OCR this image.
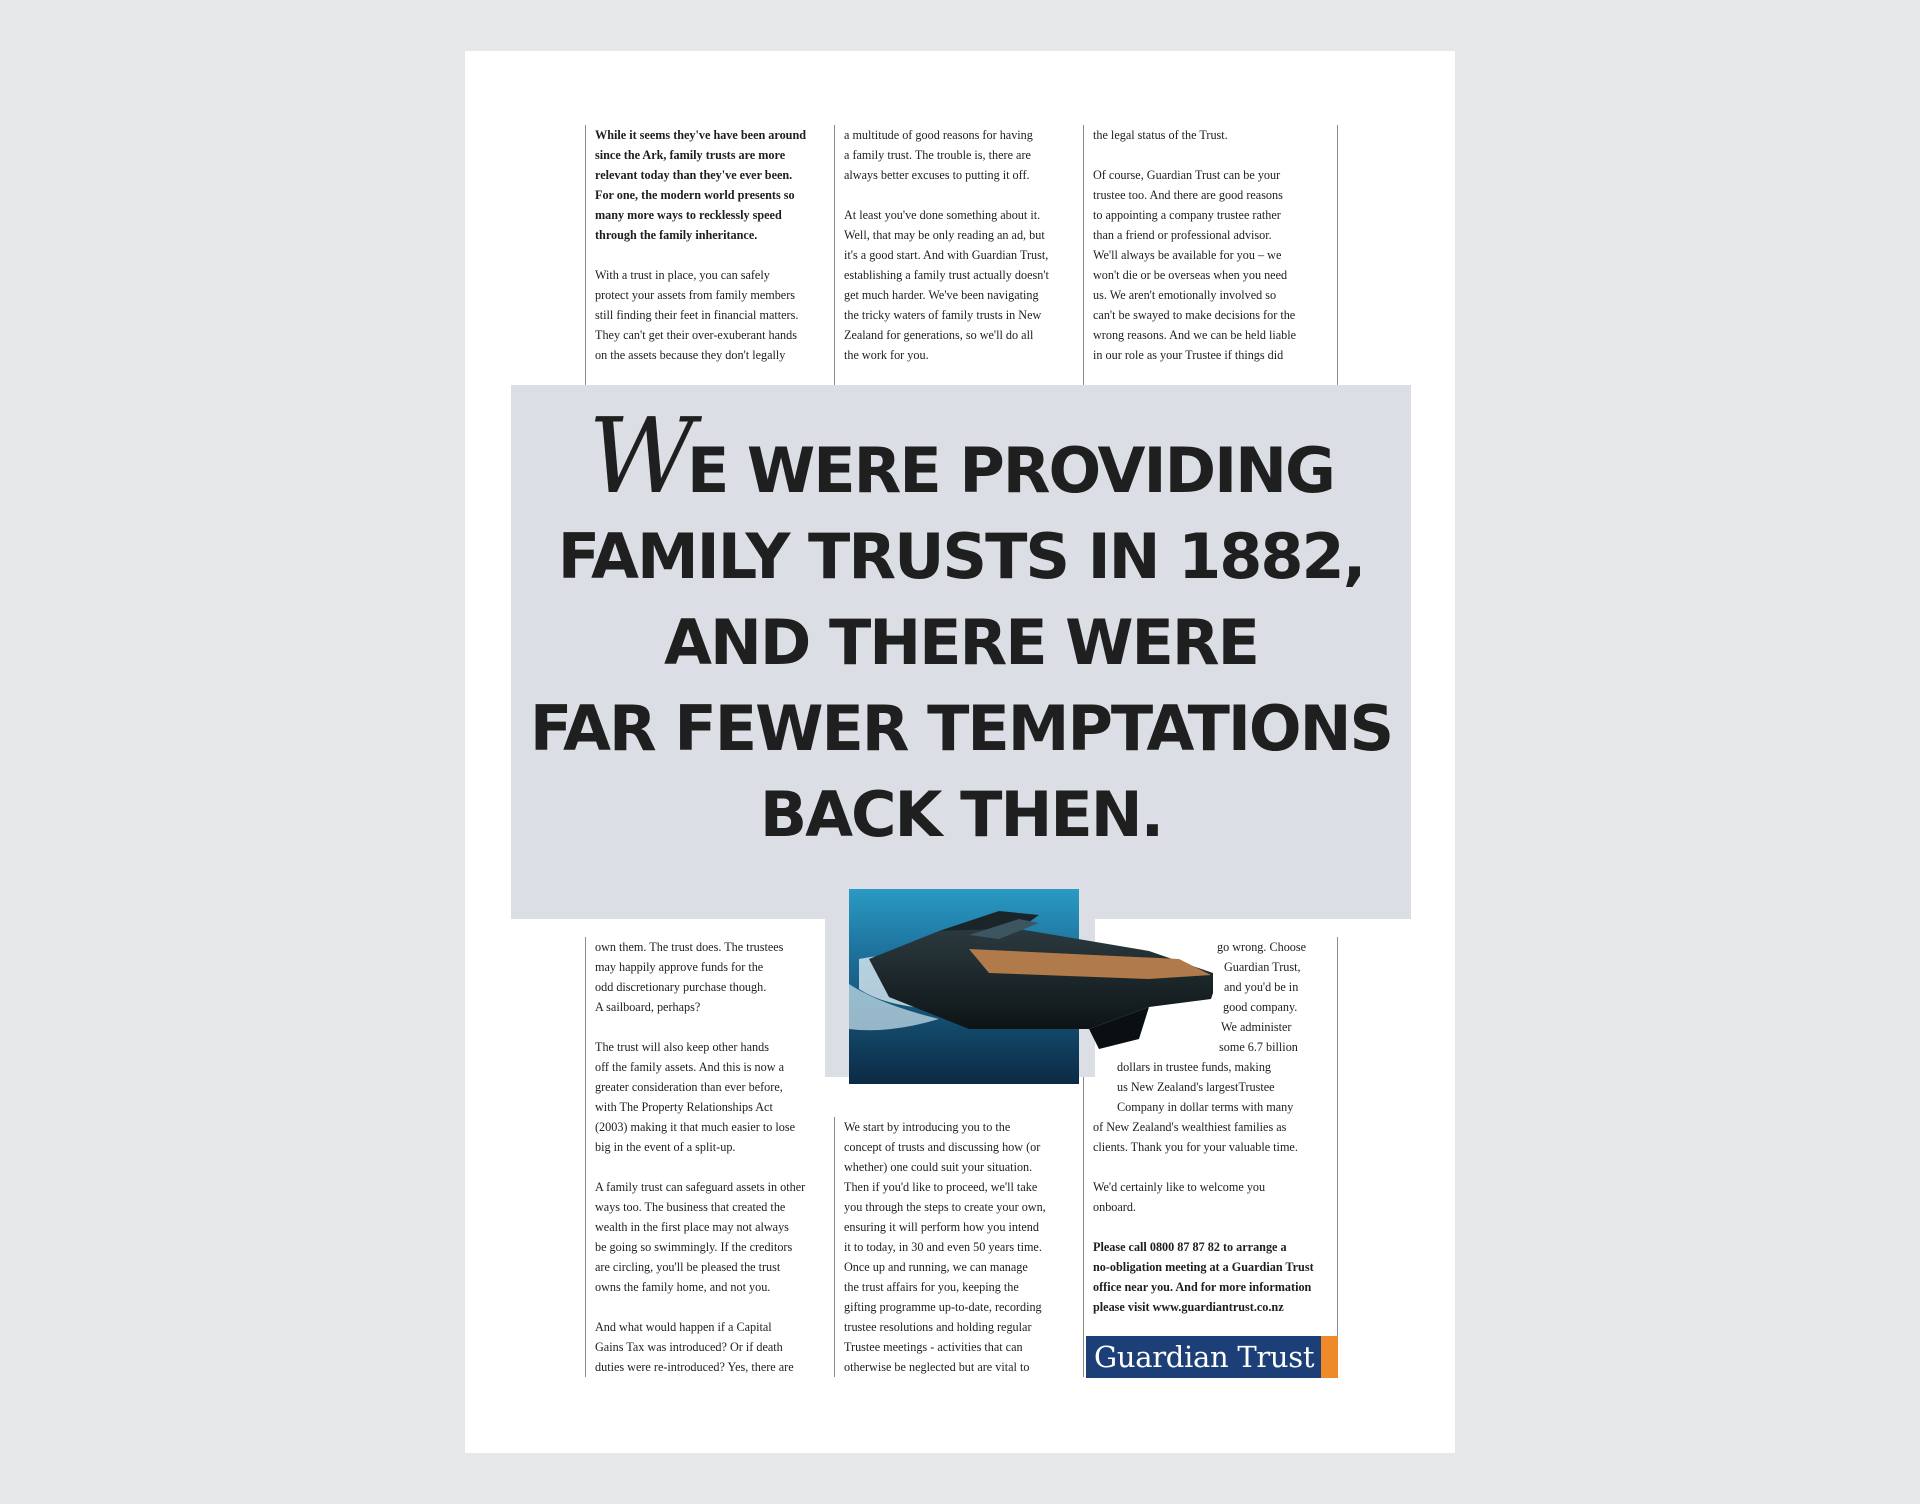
While it seems they've have been around
since the Ark, family trusts are more
relevant today than they've ever been.
For one, the modern world presents so
many more ways to recklessly speed
through the family inheritance.
With a trust in place, you can safely
protect your assets from family members
still finding their feet in financial matters.
They can't get their over-exuberant hands
on the assets because they don't legally
a multitude of good reasons for having
a family trust. The trouble is, there are
always better excuses to putting it off.
At least you've done something about it.
Well, that may be only reading an ad, but
it's a good start. And with Guardian Trust,
establishing a family trust actually doesn't
get much harder. We've been navigating
the tricky waters of family trusts in New
Zealand for generations, so we'll do all
the work for you.
the legal status of the Trust.
Of course, Guardian Trust can be your
trustee too. And there are good reasons
to appointing a company trustee rather
than a friend or professional advisor.
We'll always be available for you – we
won't die or be overseas when you need
us. We aren't emotionally involved so
can't be swayed to make decisions for the
wrong reasons. And we can be held liable
in our role as your Trustee if things did
WE WERE PROVIDING
FAMILY TRUSTS IN 1882,
AND THERE WERE
FAR FEWER TEMPTATIONS
BACK THEN.
own them. The trust does. The trustees
may happily approve funds for the
odd discretionary purchase though.
A sailboard, perhaps?
The trust will also keep other hands
off the family assets. And this is now a
greater consideration than ever before,
with The Property Relationships Act
(2003) making it that much easier to lose
big in the event of a split-up.
A family trust can safeguard assets in other
ways too. The business that created the
wealth in the first place may not always
be going so swimmingly. If the creditors
are circling, you'll be pleased the trust
owns the family home, and not you.
And what would happen if a Capital
Gains Tax was introduced? Or if death
duties were re-introduced? Yes, there are
We start by introducing you to the
concept of trusts and discussing how (or
whether) one could suit your situation.
Then if you'd like to proceed, we'll take
you through the steps to create your own,
ensuring it will perform how you intend
it to today, in 30 and even 50 years time.
Once up and running, we can manage
the trust affairs for you, keeping the
gifting programme up-to-date, recording
trustee resolutions and holding regular
Trustee meetings - activities that can
otherwise be neglected but are vital to
go wrong. Choose
Guardian Trust,
and you'd be in
good company.
We administer
some 6.7 billion
dollars in trustee funds, making
us New Zealand's largestTrustee
Company in dollar terms with many
of New Zealand's wealthiest families as
clients. Thank you for your valuable time.
We'd certainly like to welcome you
onboard.
Please call 0800 87 87 82 to arrange a
no-obligation meeting at a Guardian Trust
office near you. And for more information
please visit www.guardiantrust.co.nz
Guardian Trust
